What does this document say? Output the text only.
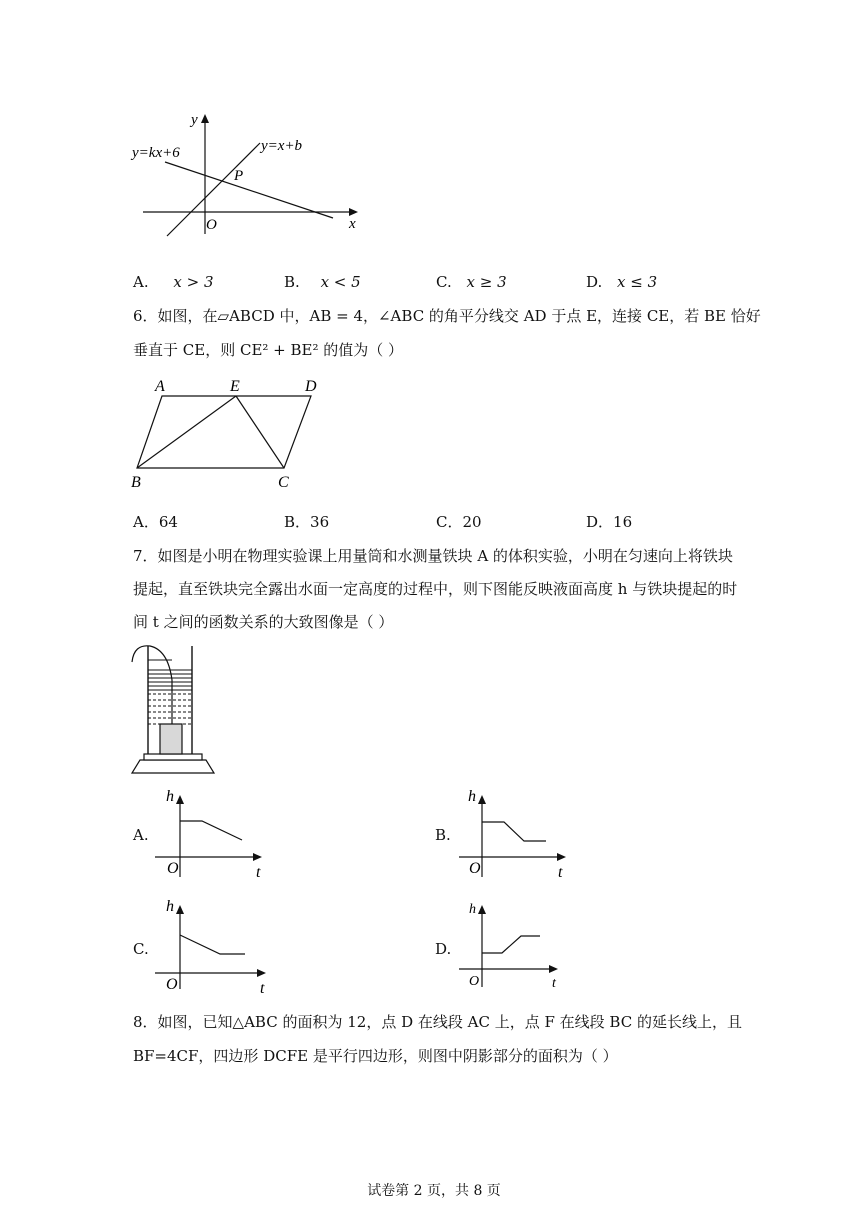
y
x
O
y=kx+6	y=x+b
P
A. x > 3	B. x < 5	C. x ≥ 3	D. x ≤ 3
6．如图，在▱ABCD 中，AB = 4，∠ABC 的角平分线交 AD 于点 E，连接 CE，若 BE 恰好
垂直于 CE，则 CE² + BE² 的值为（ ）
A	E	D
B	C
A．64	B．36	C．20	D．16
7．如图是小明在物理实验课上用量筒和水测量铁块 A 的体积实验，小明在匀速向上将铁块
提起，直至铁块完全露出水面一定高度的过程中，则下图能反映液面高度 h 与铁块提起的时
间 t 之间的函数关系的大致图像是（ ）
A.
h
O	t
B.
h
O	t
C.
h
O	t
D.
h
O	t
8．如图，已知△ABC 的面积为 12，点 D 在线段 AC 上，点 F 在线段 BC 的延长线上，且
BF=4CF，四边形 DCFE 是平行四边形，则图中阴影部分的面积为（ ）
试卷第 2 页，共 8 页
